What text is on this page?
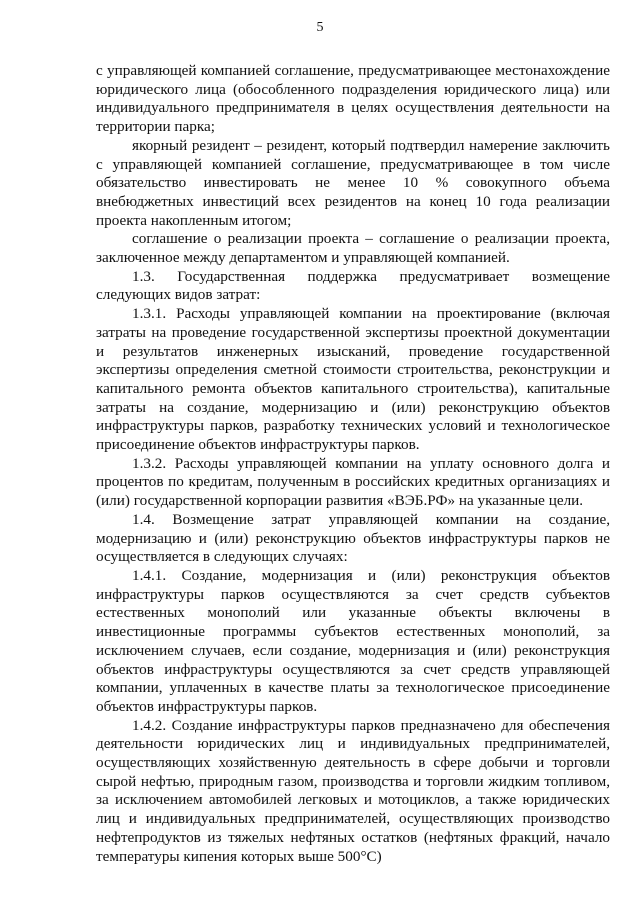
5

с управляющей компанией соглашение, предусматривающее местонахождение юридического лица (обособленного подразделения юридического лица) или индивидуального предпринимателя в целях осуществления деятельности на территории парка;

якорный резидент – резидент, который подтвердил намерение заключить с управляющей компанией соглашение, предусматривающее в том числе обязательство инвестировать не менее 10 % совокупного объема внебюджетных инвестиций всех резидентов на конец 10 года реализации проекта накопленным итогом;

соглашение о реализации проекта – соглашение о реализации проекта, заключенное между департаментом и управляющей компанией.

1.3. Государственная поддержка предусматривает возмещение следующих видов затрат:

1.3.1. Расходы управляющей компании на проектирование (включая затраты на проведение государственной экспертизы проектной документации и результатов инженерных изысканий, проведение государственной экспертизы определения сметной стоимости строительства, реконструкции и капитального ремонта объектов капитального строительства), капитальные затраты на создание, модернизацию и (или) реконструкцию объектов инфраструктуры парков, разработку технических условий и технологическое присоединение объектов инфраструктуры парков.

1.3.2. Расходы управляющей компании на уплату основного долга и процентов по кредитам, полученным в российских кредитных организациях и (или) государственной корпорации развития «ВЭБ.РФ» на указанные цели.

1.4. Возмещение затрат управляющей компании на создание, модернизацию и (или) реконструкцию объектов инфраструктуры парков не осуществляется в следующих случаях:

1.4.1. Создание, модернизация и (или) реконструкция объектов инфраструктуры парков осуществляются за счет средств субъектов естественных монополий или указанные объекты включены в инвестиционные программы субъектов естественных монополий, за исключением случаев, если создание, модернизация и (или) реконструкция объектов инфраструктуры осуществляются за счет средств управляющей компании, уплаченных в качестве платы за технологическое присоединение объектов инфраструктуры парков.

1.4.2. Создание инфраструктуры парков предназначено для обеспечения деятельности юридических лиц и индивидуальных предпринимателей, осуществляющих хозяйственную деятельность в сфере добычи и торговли сырой нефтью, природным газом, производства и торговли жидким топливом, за исключением автомобилей легковых и мотоциклов, а также юридических лиц и индивидуальных предпринимателей, осуществляющих производство нефтепродуктов из тяжелых нефтяных остатков (нефтяных фракций, начало температуры кипения которых выше 500°С)
